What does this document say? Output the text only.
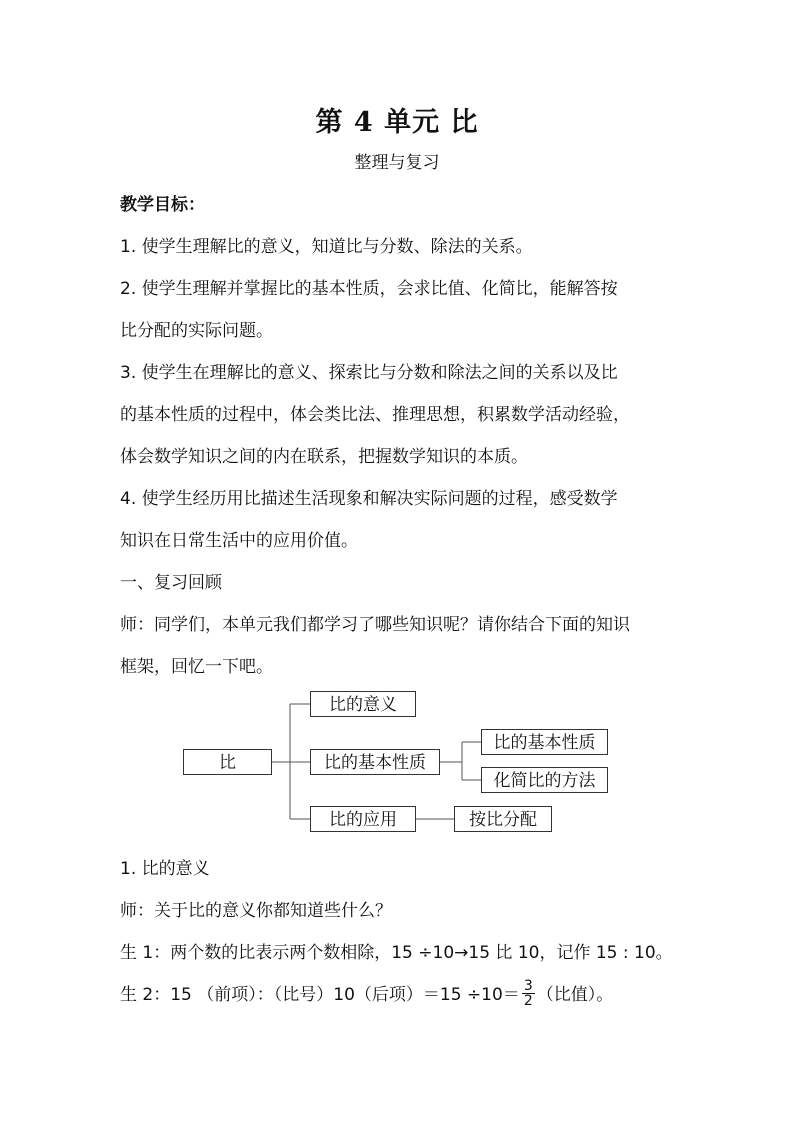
第 4 单元 比
整理与复习
教学目标：
1. 使学生理解比的意义，知道比与分数、除法的关系。
2. 使学生理解并掌握比的基本性质，会求比值、化简比，能解答按
比分配的实际问题。
3. 使学生在理解比的意义、探索比与分数和除法之间的关系以及比
的基本性质的过程中，体会类比法、推理思想，积累数学活动经验，
体会数学知识之间的内在联系，把握数学知识的本质。
4. 使学生经历用比描述生活现象和解决实际问题的过程，感受数学
知识在日常生活中的应用价值。
一、复习回顾
师：同学们，本单元我们都学习了哪些知识呢？请你结合下面的知识
框架，回忆一下吧。
比
比的意义
比的基本性质
比的基本性质
化简比的方法
比的应用	按比分配
1. 比的意义
师：关于比的意义你都知道些什么？
生 1：两个数的比表示两个数相除，15 ÷10→15 比 10，记作 15 : 10。
生 2：15 （前项）：（比号）10（后项）$=15 \div 10= \frac{3}{2}$ （比值）。
